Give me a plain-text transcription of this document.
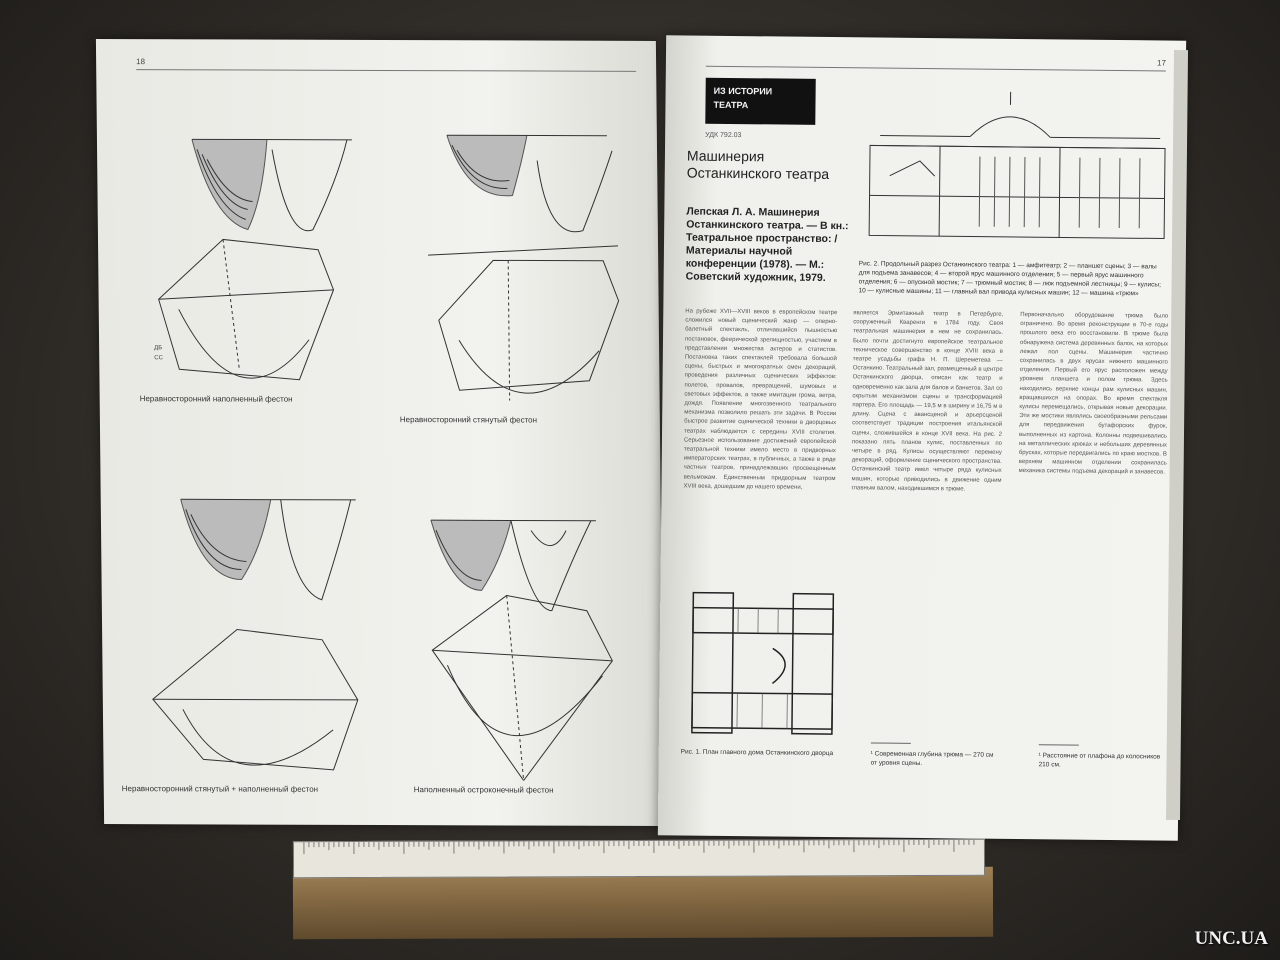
18
ДБ
СС
Неравносторонний наполненный фестон
Неравносторонний стянутый фестон
Неравносторонний стянутый + наполненный фестон	Наполненный остроконечный фестон
17
ИЗ ИСТОРИИ
ТЕАТРА
УДК 792.03
Машинерия Останкинского театра
Лепская Л. А. Машинерия Останкинского театра. — В кн.: Театральное пространство: / Материалы научной конференции (1978). — М.: Советский художник, 1979.
Рис. 2. Продольный разрез Останкинского театра: 1 — амфитеатр; 2 — планшет сцены; 3 — валы для подъема занавесов; 4 — второй ярус машинного отделения; 5 — первый ярус машинного отделения; 6 — опускной мостик; 7 — трюмный мостик; 8 — люк подъемной лестницы; 9 — кулисы; 10 — кулисные машины; 11 — главный вал привода кулисных машин; 12 — машина «трюм»
На рубеже XVII—XVIII веков в европейском театре сложился новый сценический жанр — оперно-балетный спектакль, отличавшийся пышностью постановок, феерической зрелищностью, участием в представлении множества актеров и статистов. Постановка таких спектаклей требовала большой сцены, быстрых и многократных смен декораций, проведения различных сценических эффектов: полетов, провалов, превращений, шумовых и световых эффектов, а также имитации грома, ветра, дождя. Появление многозвенного театрального механизма позволило решать эти задачи. В России быстрое развитие сценической техники в дворцовых театрах наблюдается с середины XVIII столетия. Серьезное использование достижений европейской театральной техники имело место в придворных императорских театрах, в публичных, а также в ряде частных театров, принадлежавших просвещенным вельможам. Единственным придворным театром XVIII века, дошедшим до нашего времени,
является Эрмитажный театр в Петербурге, сооруженный Кваренги в 1784 году. Своя театральная машинерия в нем не сохранилась. Было почти достигнуто европейское театральное техническое совершенство в конце XVIII века в театре усадьбы графа Н. П. Шереметева — Останкино. Театральный зал, размещенный в центре Останкинского дворца, описан как театр и одновременно как зала для балов и банкетов. Зал со скрытым механизмом сцены и трансформацией партера. Его площадь — 19,5 м в ширину и 16,75 м в длину. Сцена с авансценой и арьерсценой соответствует традиции построения итальянской сцены, сложившейся в конце XVII века. На рис. 2 показано пять планов кулис, поставленных по четыре в ряд. Кулисы осуществляют перемену декораций, оформление сценического пространства. Останкинский театр имел четыре ряда кулисных машин, которые приводились в движение одним главным валом, находившимся в трюме.
Первоначально оборудование трюма было ограничено. Во время реконструкции в 70-е годы прошлого века его восстановили. В трюме была обнаружена система деревянных балок, на которых лежал пол сцены. Машинерия частично сохранилась в двух ярусах нижнего машинного отделения. Первый его ярус расположен между уровнем планшета и полом трюма. Здесь находились верхние концы рам кулисных машин, вращавшихся на опорах. Во время спектакля кулисы перемещались, открывая новые декорации. Эти же мостики являлись своеобразными рельсами для передвижения бутафорских фурок, выполненных из картона. Колонны подвешивались на металлических крюках и небольших деревянных брусках, которые передвигались по краю мостков. В верхнем машинном отделении сохранилась механика системы подъема декораций и занавесов.
Рис. 1. План главного дома Останкинского дворца	¹ Современная глубина трюма — 270 см от уровня сцены.
¹ Расстояние от плафона до колосников 210 см.
UNC.UA
